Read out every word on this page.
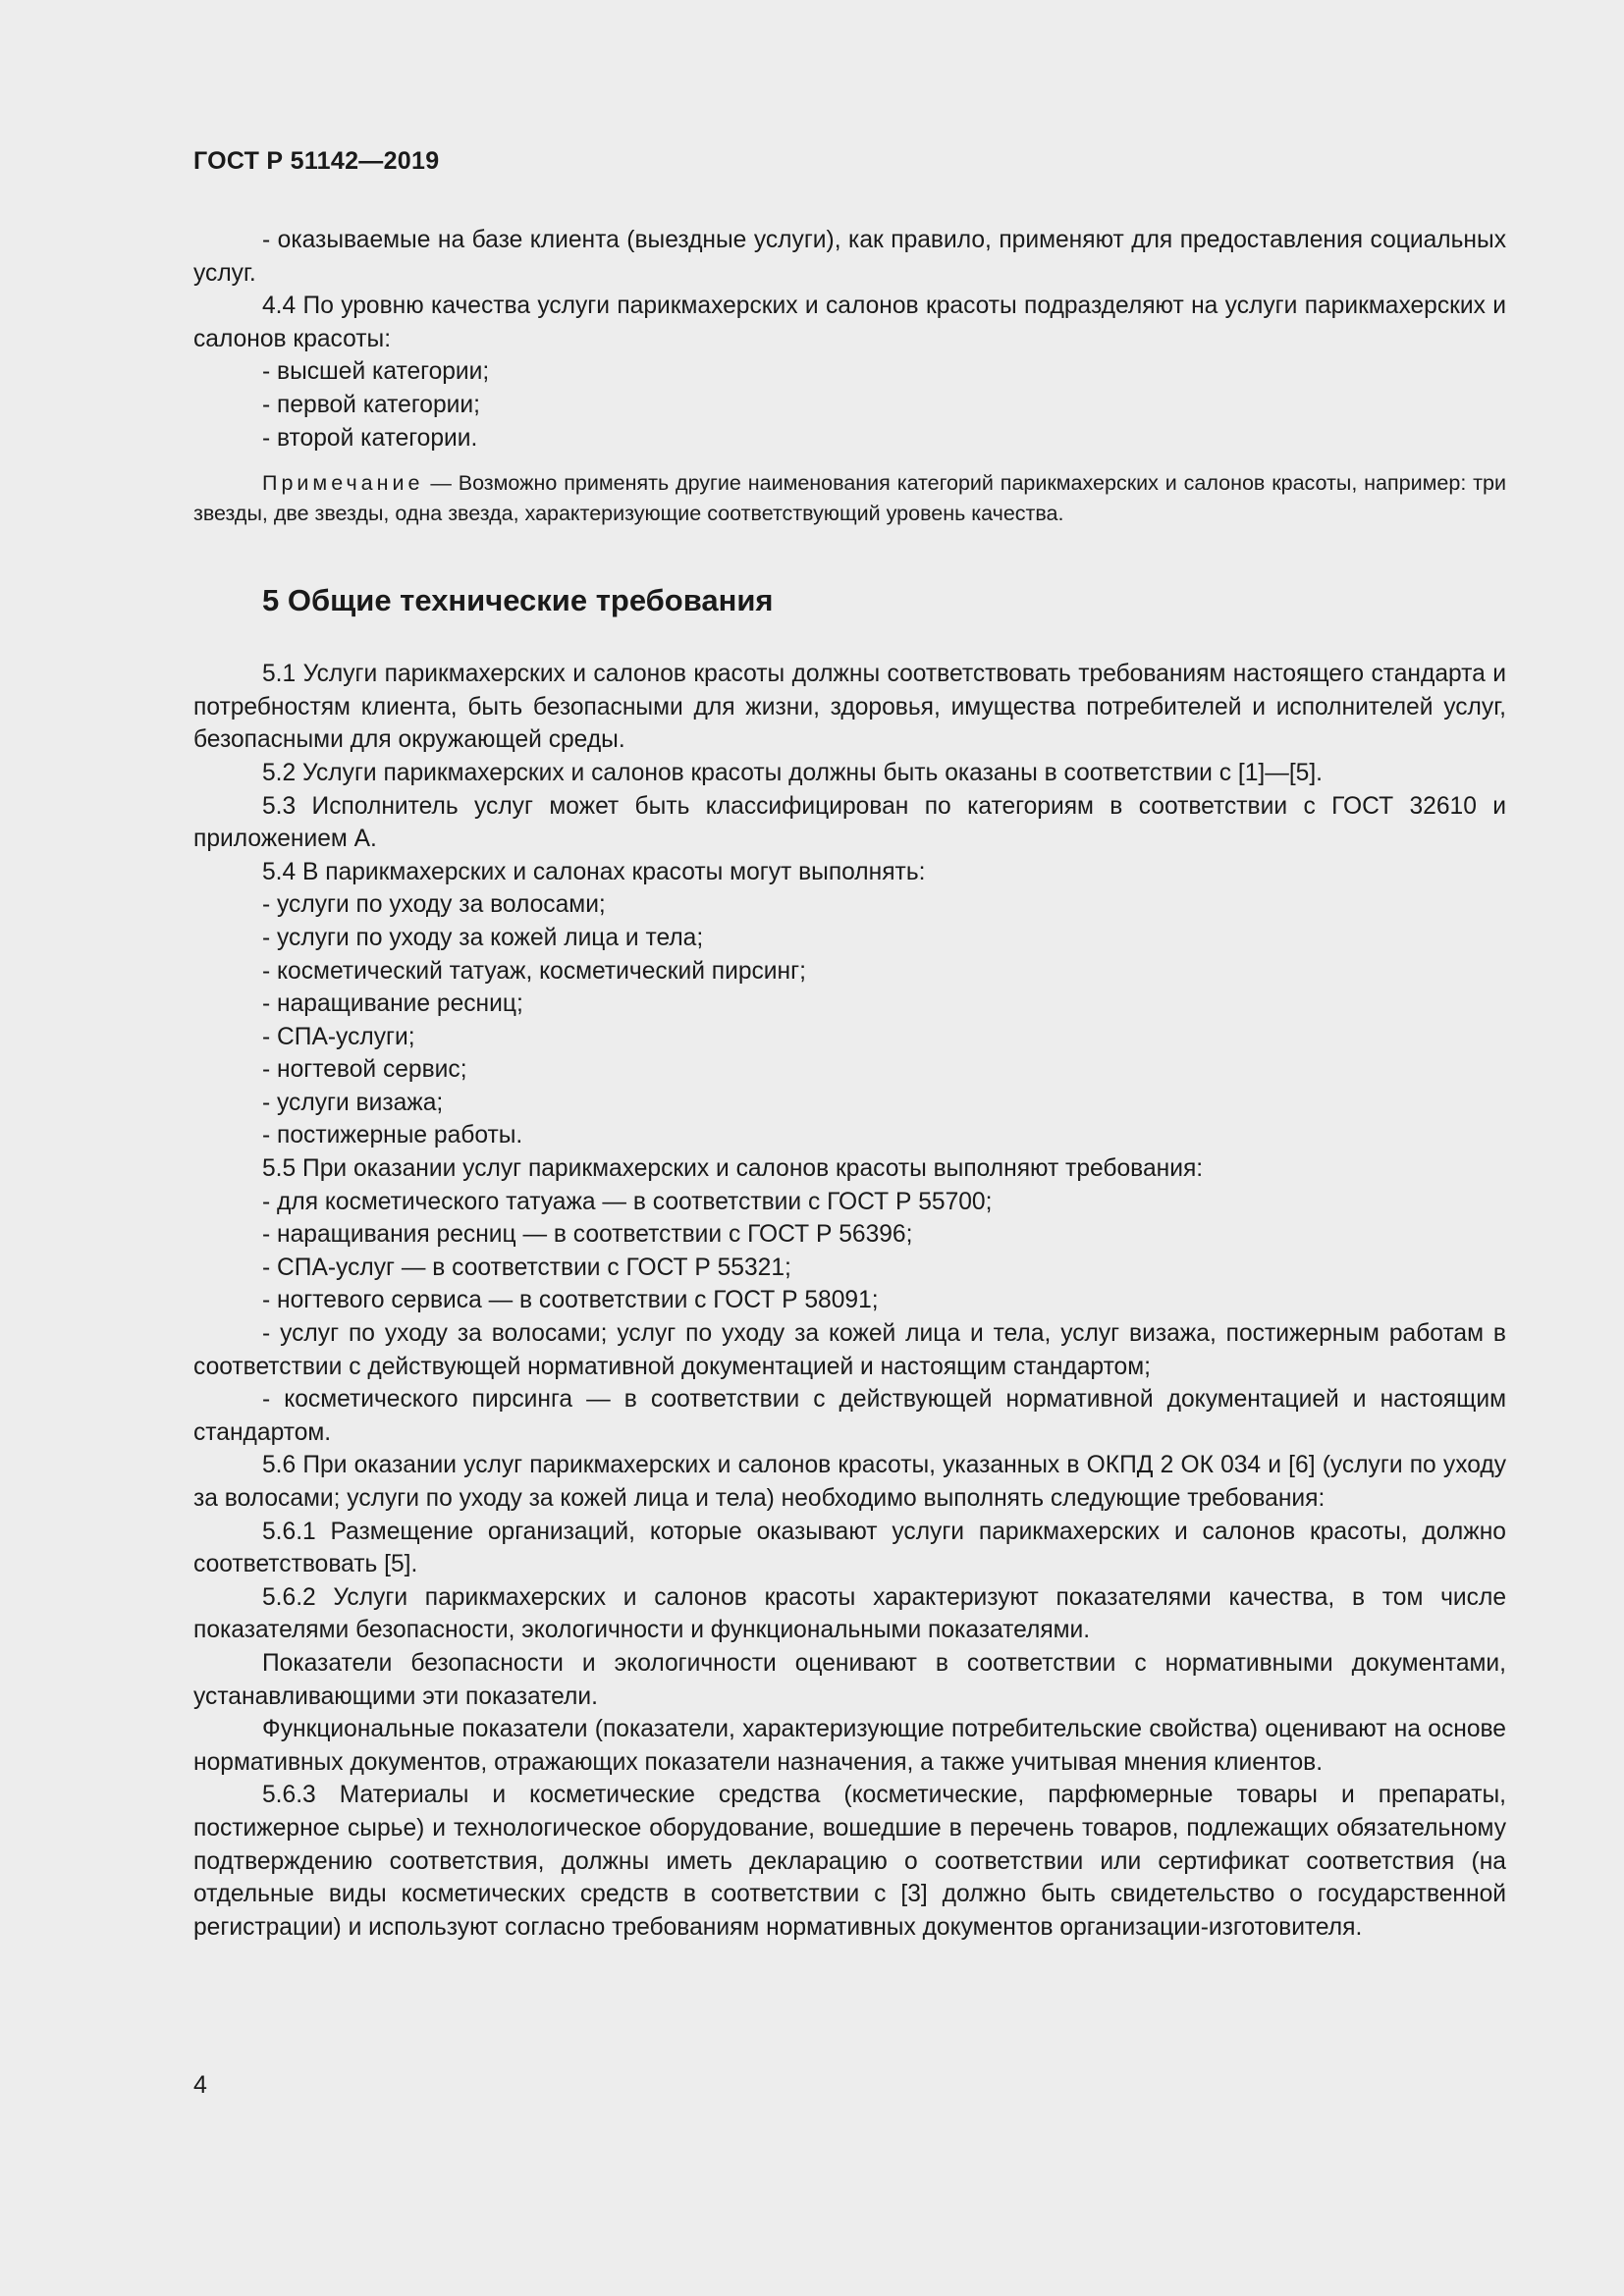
ГОСТ Р 51142—2019

- оказываемые на базе клиента (выездные услуги), как правило, применяют для предоставления социальных услуг.

4.4 По уровню качества услуги парикмахерских и салонов красоты подразделяют на услуги парикмахерских и салонов красоты:

- высшей категории;

- первой категории;

- второй категории.

Примечание — Возможно применять другие наименования категорий парикмахерских и салонов красоты, например: три звезды, две звезды, одна звезда, характеризующие соответствующий уровень качества.

5 Общие технические требования

5.1 Услуги парикмахерских и салонов красоты должны соответствовать требованиям настоящего стандарта и потребностям клиента, быть безопасными для жизни, здоровья, имущества потребителей и исполнителей услуг, безопасными для окружающей среды.

5.2 Услуги парикмахерских и салонов красоты должны быть оказаны в соответствии с [1]—[5].

5.3 Исполнитель услуг может быть классифицирован по категориям в соответствии с ГОСТ 32610 и приложением А.

5.4 В парикмахерских и салонах красоты могут выполнять:

- услуги по уходу за волосами;

- услуги по уходу за кожей лица и тела;

- косметический татуаж, косметический пирсинг;

- наращивание ресниц;

- СПА-услуги;

- ногтевой сервис;

- услуги визажа;

- постижерные работы.

5.5 При оказании услуг парикмахерских и салонов красоты выполняют требования:

- для косметического татуажа — в соответствии с ГОСТ Р 55700;

- наращивания ресниц — в соответствии с ГОСТ Р 56396;

- СПА-услуг — в соответствии с ГОСТ Р 55321;

- ногтевого сервиса — в соответствии с ГОСТ Р 58091;

- услуг по уходу за волосами; услуг по уходу за кожей лица и тела, услуг визажа, постижерным работам в соответствии с действующей нормативной документацией и настоящим стандартом;

- косметического пирсинга — в соответствии с действующей нормативной документацией и настоящим стандартом.

5.6 При оказании услуг парикмахерских и салонов красоты, указанных в ОКПД 2 ОК 034 и [6] (услуги по уходу за волосами; услуги по уходу за кожей лица и тела) необходимо выполнять следующие требования:

5.6.1 Размещение организаций, которые оказывают услуги парикмахерских и салонов красоты, должно соответствовать [5].

5.6.2 Услуги парикмахерских и салонов красоты характеризуют показателями качества, в том числе показателями безопасности, экологичности и функциональными показателями.

Показатели безопасности и экологичности оценивают в соответствии с нормативными документами, устанавливающими эти показатели.

Функциональные показатели (показатели, характеризующие потребительские свойства) оценивают на основе нормативных документов, отражающих показатели назначения, а также учитывая мнения клиентов.

5.6.3 Материалы и косметические средства (косметические, парфюмерные товары и препараты, постижерное сырье) и технологическое оборудование, вошедшие в перечень товаров, подлежащих обязательному подтверждению соответствия, должны иметь декларацию о соответствии или сертификат соответствия (на отдельные виды косметических средств в соответствии с [3] должно быть свидетельство о государственной регистрации) и используют согласно требованиям нормативных документов организации-изготовителя.

4
